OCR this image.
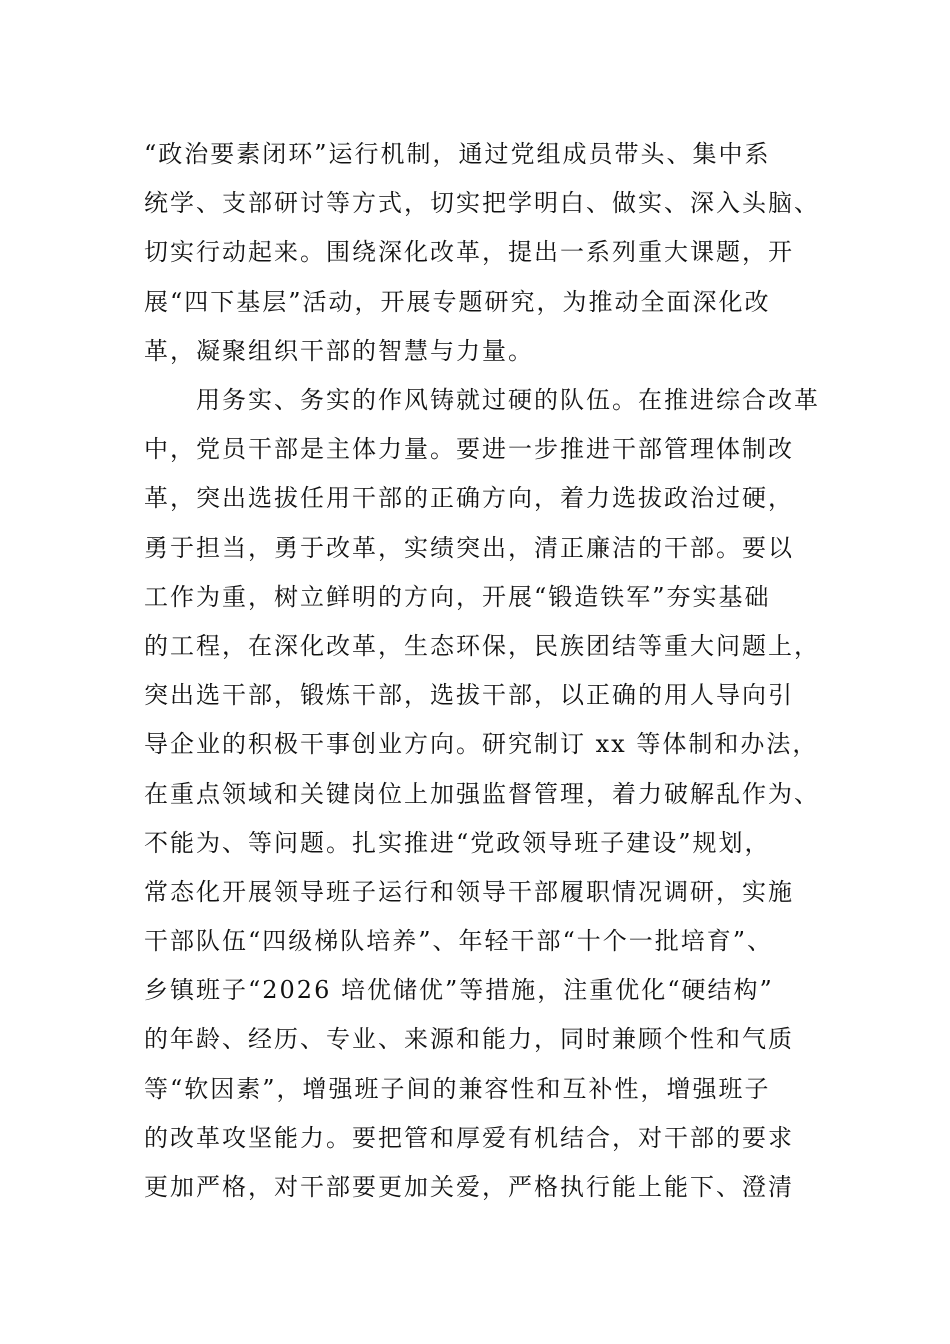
“政治要素闭环”运行机制，通过党组成员带头、集中系
统学、支部研讨等方式，切实把学明白、做实、深入头脑、
切实行动起来。围绕深化改革，提出一系列重大课题，开
展“四下基层”活动，开展专题研究，为推动全面深化改
革，凝聚组织干部的智慧与力量。
　　用务实、务实的作风铸就过硬的队伍。在推进综合改革
中，党员干部是主体力量。要进一步推进干部管理体制改
革，突出选拔任用干部的正确方向，着力选拔政治过硬，
勇于担当，勇于改革，实绩突出，清正廉洁的干部。要以
工作为重，树立鲜明的方向，开展“锻造铁军”夯实基础
的工程，在深化改革，生态环保，民族团结等重大问题上，
突出选干部，锻炼干部，选拔干部，以正确的用人导向引
导企业的积极干事创业方向。研究制订 xx 等体制和办法，
在重点领域和关键岗位上加强监督管理，着力破解乱作为、
不能为、等问题。扎实推进“党政领导班子建设”规划，
常态化开展领导班子运行和领导干部履职情况调研，实施
干部队伍“四级梯队培养”、年轻干部“十个一批培育”、
乡镇班子“2026 培优储优”等措施，注重优化“硬结构”
的年龄、经历、专业、来源和能力，同时兼顾个性和气质
等“软因素”，增强班子间的兼容性和互补性，增强班子
的改革攻坚能力。要把管和厚爱有机结合，对干部的要求
更加严格，对干部要更加关爱，严格执行能上能下、澄清
